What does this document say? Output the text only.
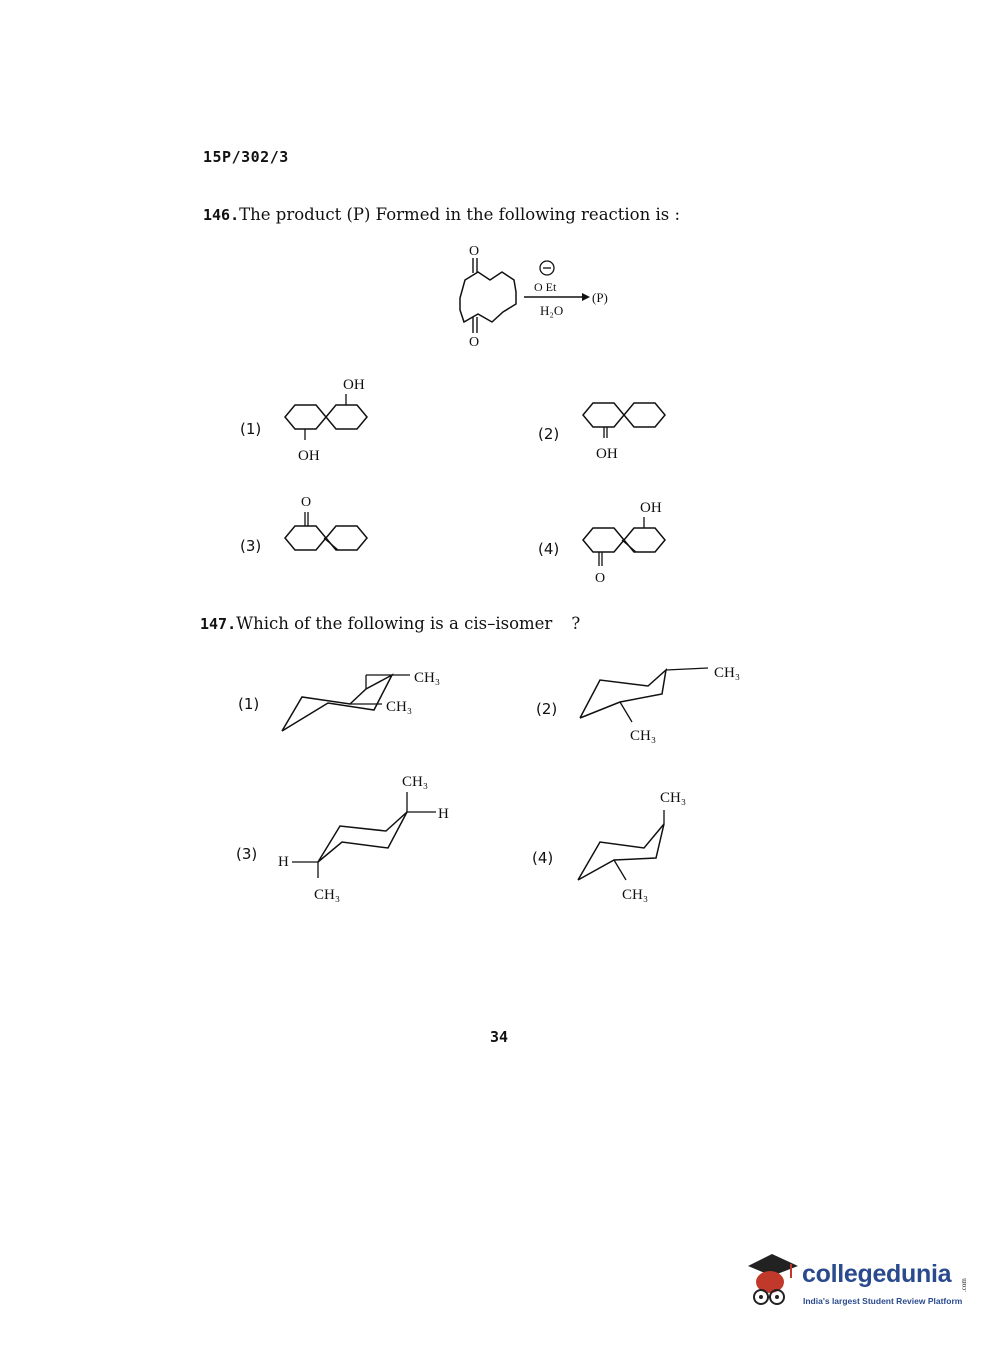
15P/302/3
146.The product (P) Formed in the following reaction is :
O
O
O Et
H₂O
(P)
(1)
OH
OH
(2)
OH
(3)
O
(4)
OH
O
147.Which of the following is a cis–isomer ?
(1)
CH₃
CH₃	(2)
CH₃
CH₃
(3)
CH₃
H
H
CH₃
(4)
CH₃
CH₃
34
collegedunia .com
India's largest Student Review Platform
